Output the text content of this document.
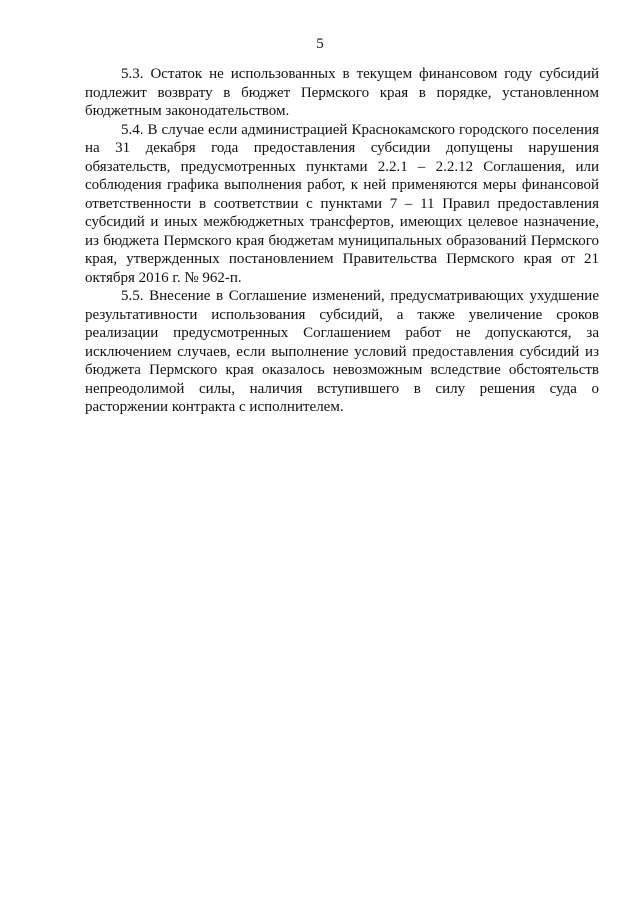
5

5.3. Остаток не использованных в текущем финансовом году субсидий подлежит возврату в бюджет Пермского края в порядке, установленном бюджетным законодательством.

5.4. В случае если администрацией Краснокамского городского поселения на 31 декабря года предоставления субсидии допущены нарушения обязательств, предусмотренных пунктами 2.2.1 – 2.2.12 Соглашения, или соблюдения графика выполнения работ, к ней применяются меры финансовой ответственности в соответствии с пунктами 7 – 11 Правил предоставления субсидий и иных межбюджетных трансфертов, имеющих целевое назначение, из бюджета Пермского края бюджетам муниципальных образований Пермского края, утвержденных постановлением Правительства Пермского края от 21 октября 2016 г. № 962-п.

5.5. Внесение в Соглашение изменений, предусматривающих ухудшение результативности использования субсидий, а также увеличение сроков реализации предусмотренных Соглашением работ не допускаются, за исключением случаев, если выполнение условий предоставления субсидий из бюджета Пермского края оказалось невозможным вследствие обстоятельств непреодолимой силы, наличия вступившего в силу решения суда о расторжении контракта с исполнителем.
